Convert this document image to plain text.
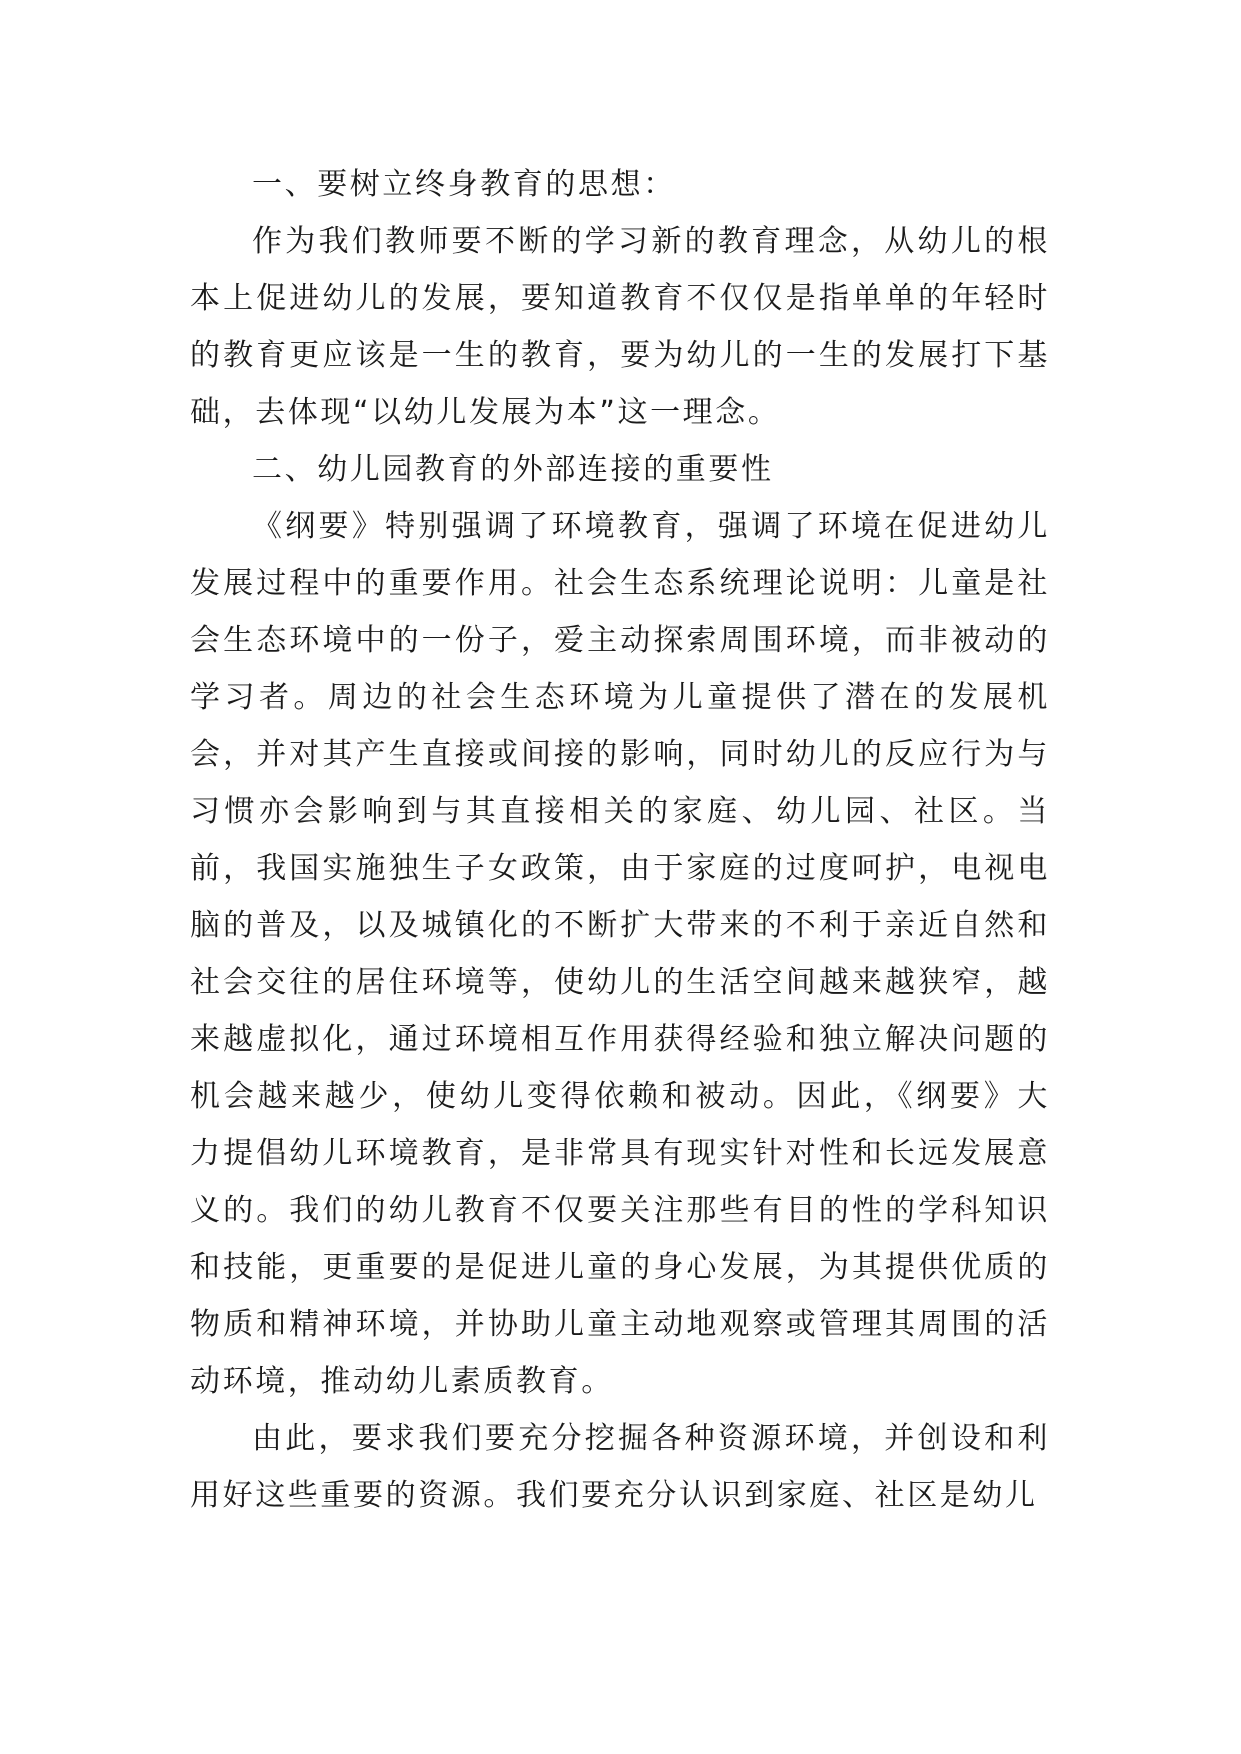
一、要树立终身教育的思想：

作为我们教师要不断的学习新的教育理念，从幼儿的根本上促进幼儿的发展，要知道教育不仅仅是指单单的年轻时的教育更应该是一生的教育，要为幼儿的一生的发展打下基础，去体现“以幼儿发展为本”这一理念。

二、幼儿园教育的外部连接的重要性

《纲要》特别强调了环境教育，强调了环境在促进幼儿发展过程中的重要作用。社会生态系统理论说明：儿童是社会生态环境中的一份子，爱主动探索周围环境，而非被动的学习者。周边的社会生态环境为儿童提供了潜在的发展机会，并对其产生直接或间接的影响，同时幼儿的反应行为与习惯亦会影响到与其直接相关的家庭、幼儿园、社区。当前，我国实施独生子女政策，由于家庭的过度呵护，电视电脑的普及，以及城镇化的不断扩大带来的不利于亲近自然和社会交往的居住环境等，使幼儿的生活空间越来越狭窄，越来越虚拟化，通过环境相互作用获得经验和独立解决问题的机会越来越少，使幼儿变得依赖和被动。因此，《纲要》大力提倡幼儿环境教育，是非常具有现实针对性和长远发展意义的。我们的幼儿教育不仅要关注那些有目的性的学科知识和技能，更重要的是促进儿童的身心发展，为其提供优质的物质和精神环境，并协助儿童主动地观察或管理其周围的活动环境，推动幼儿素质教育。

由此，要求我们要充分挖掘各种资源环境，并创设和利用好这些重要的资源。我们要充分认识到家庭、社区是幼儿
